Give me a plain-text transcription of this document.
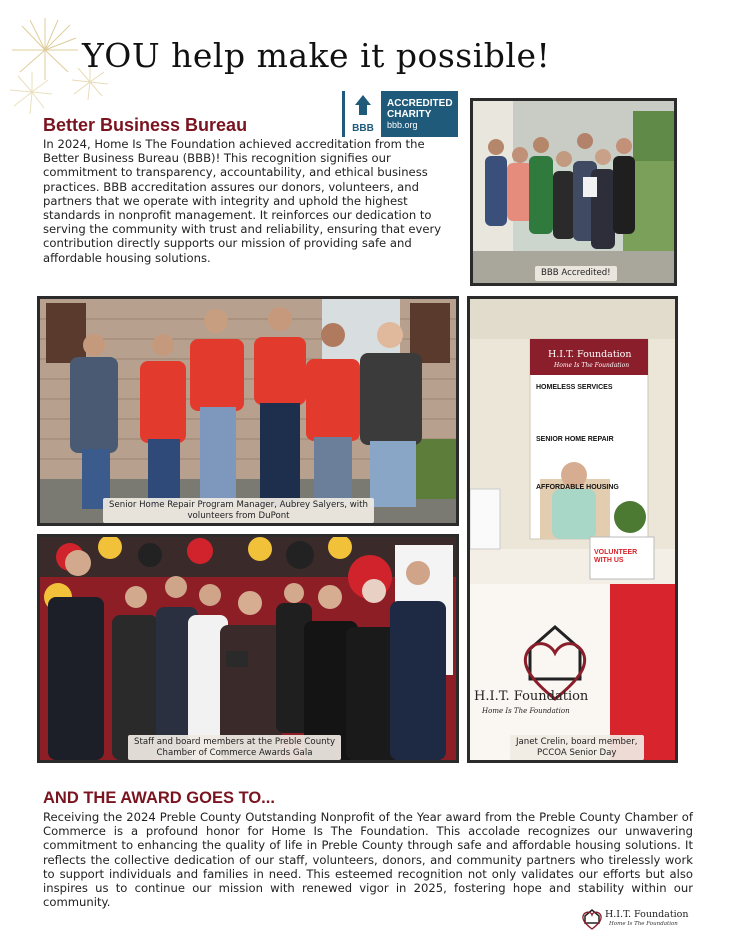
YOU help make it possible!
Better Business Bureau	BBB
ACCREDITED
CHARITY
bbb.org
In 2024, Home Is The Foundation achieved accreditation from the Better Business Bureau (BBB)! This recognition signifies our commitment to transparency, accountability, and ethical business practices. BBB accreditation assures our donors, volunteers, and partners that we operate with integrity and uphold the highest standards in nonprofit management. It reinforces our dedication to serving the community with trust and reliability, ensuring that every contribution directly supports our mission of providing safe and affordable housing solutions.
BBB Accredited!
Senior Home Repair Program Manager, Aubrey Salyers, with
volunteers from DuPont
Staff and board members at the Preble County
Chamber of Commerce Awards Gala
H.I.T. Foundation
Home Is The Foundation
HOMELESS SERVICES
SENIOR HOME REPAIR
AFFORDABLE HOUSING
VOLUNTEER WITH US
H.I.T. Foundation
Home Is The Foundation
Janet Crelin, board member,
PCCOA Senior Day
AND THE AWARD GOES TO...
Receiving the 2024 Preble County Outstanding Nonprofit of the Year award from the Preble County Chamber of Commerce is a profound honor for Home Is The Foundation. This accolade recognizes our unwavering commitment to enhancing the quality of life in Preble County through safe and affordable housing solutions. It reflects the collective dedication of our staff, volunteers, donors, and community partners who tirelessly work to support individuals and families in need. This esteemed recognition not only validates our efforts but also inspires us to continue our mission with renewed vigor in 2025, fostering hope and stability within our community.
H.I.T. Foundation
Home Is The Foundation
